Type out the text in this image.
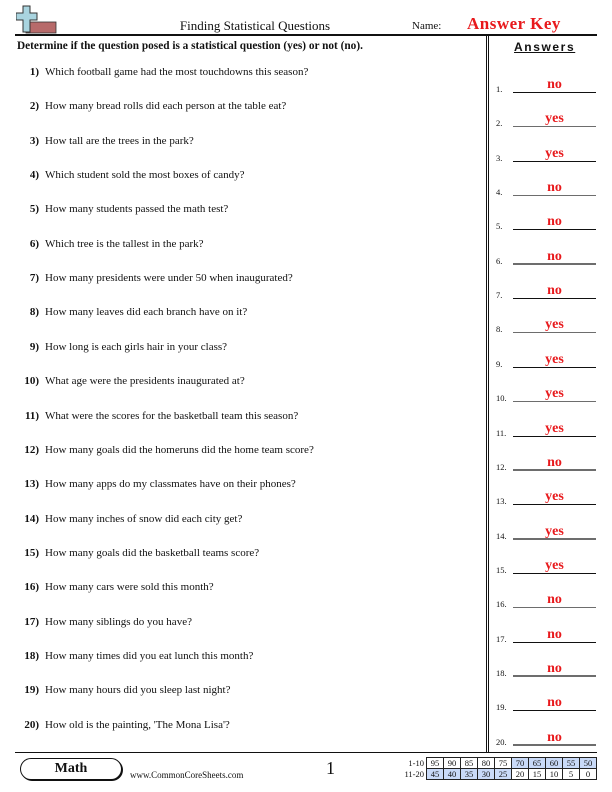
Finding Statistical Questions	Name: Answer Key
Determine if the question posed is a statistical question (yes) or not (no).	Answers
1) Which football game had the most touchdowns this season?
2) How many bread rolls did each person at the table eat?
3) How tall are the trees in the park?
4) Which student sold the most boxes of candy?
5) How many students passed the math test?
6) Which tree is the tallest in the park?
7) How many presidents were under 50 when inaugurated?
8) How many leaves did each branch have on it?
9) How long is each girls hair in your class?
10) What age were the presidents inaugurated at?
11) What were the scores for the basketball team this season?
12) How many goals did the homeruns did the home team score?
13) How many apps do my classmates have on their phones?
14) How many inches of snow did each city get?
15) How many goals did the basketball teams score?
16) How many cars were sold this month?
17) How many siblings do you have?
18) How many times did you eat lunch this month?
19) How many hours did you sleep last night?
20) How old is the painting, 'The Mona Lisa'?
1.	no
2.	yes
3.	yes
4.	no
5.	no
6.	no
7.	no
8.	yes
9.	yes
10.	yes
11.	yes
12.	no
13.	yes
14.	yes
15.	yes
16.	no
17.	no
18.	no
19.	no
20.	no
Math	www.CommonCoreSheets.com	1	1-10	95	90	85	80	75	70	65	60	55	50
11-20	45	40	35	30	25	20	15	10	5	0
